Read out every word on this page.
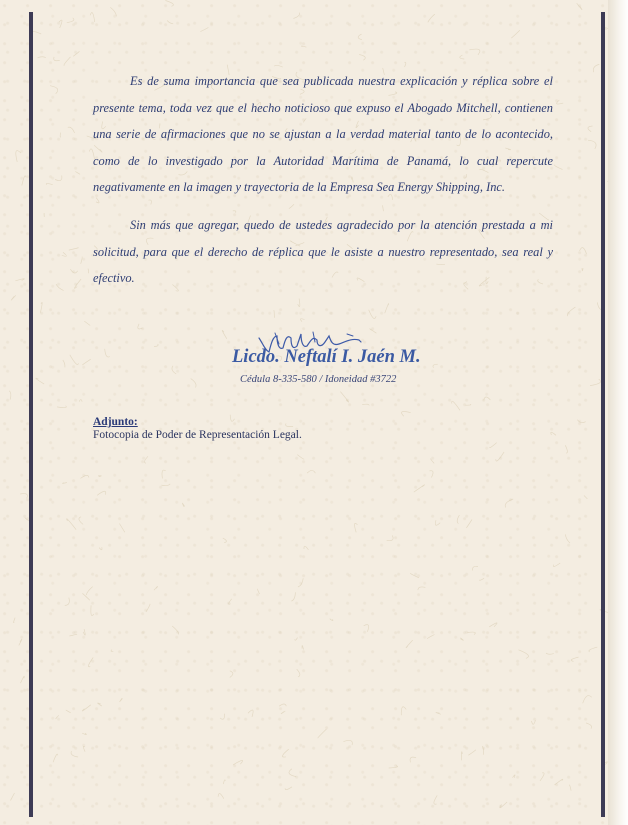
Es de suma importancia que sea publicada nuestra explicación y réplica sobre el presente tema, toda vez que el hecho noticioso que expuso el Abogado Mitchell, contienen una serie de afirmaciones que no se ajustan a la verdad material tanto de lo acontecido, como de lo investigado por la Autoridad Marítima de Panamá, lo cual repercute negativamente en la imagen y trayectoria de la Empresa Sea Energy Shipping, Inc.

Sin más que agregar, quedo de ustedes agradecido por la atención prestada a mi solicitud, para que el derecho de réplica que le asiste a nuestro representado, sea real y efectivo.

Licdo. Neftalí I. Jaén M.
Cédula 8-335-580 / Idoneidad #3722
Adjunto:
Fotocopia de Poder de Representación Legal.
